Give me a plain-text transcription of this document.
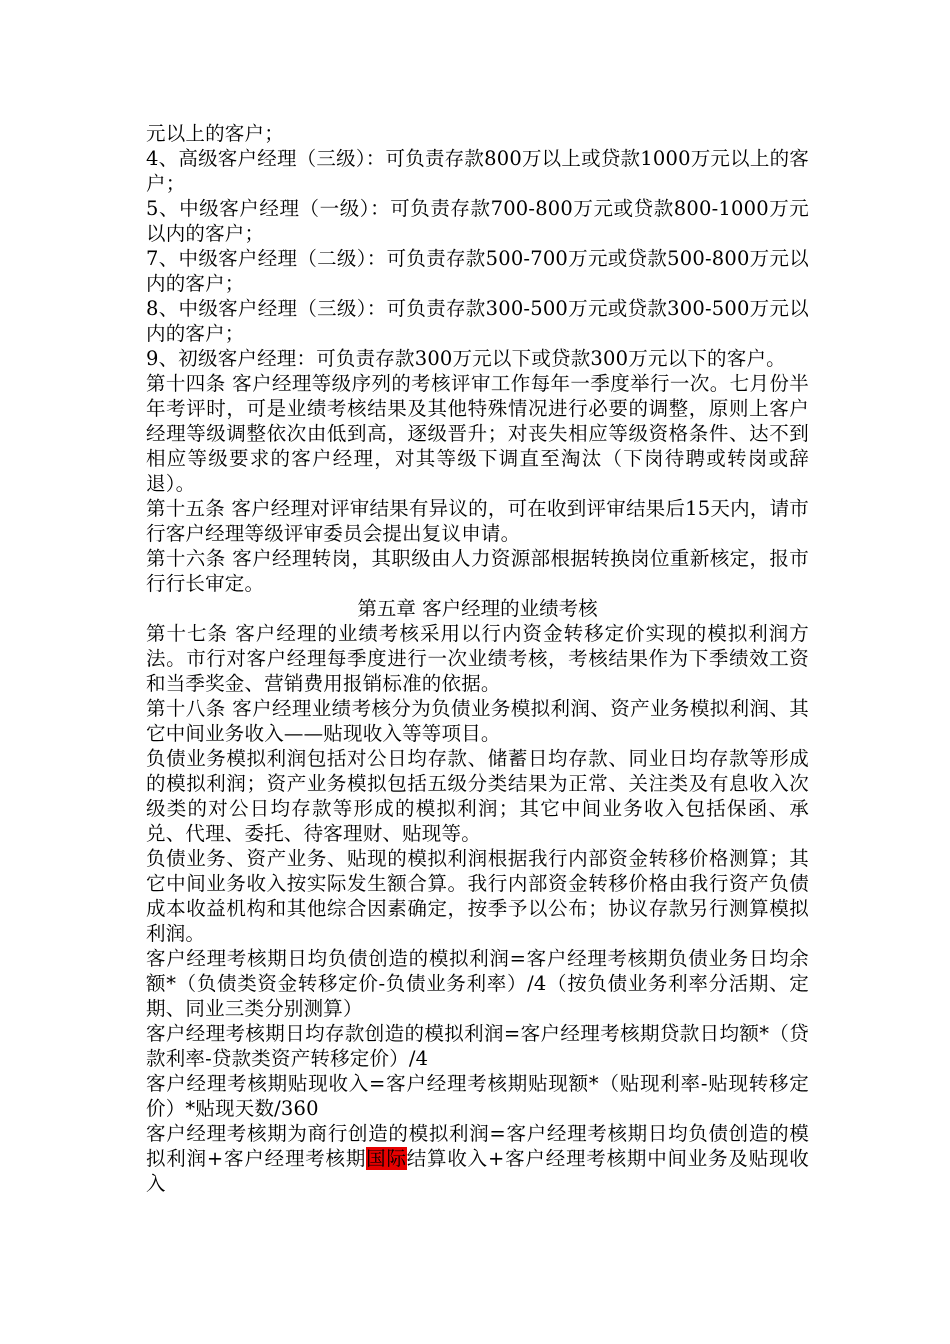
元以上的客户；

4、高级客户经理（三级）：可负责存款800万以上或贷款1000万元以上的客户；

5、中级客户经理（一级）：可负责存款700-800万元或贷款800-1000万元以内的客户；

7、中级客户经理（二级）：可负责存款500-700万元或贷款500-800万元以内的客户；

8、中级客户经理（三级）：可负责存款300-500万元或贷款300-500万元以内的客户；

9、初级客户经理：可负责存款300万元以下或贷款300万元以下的客户。

第十四条 客户经理等级序列的考核评审工作每年一季度举行一次。七月份半年考评时，可是业绩考核结果及其他特殊情况进行必要的调整，原则上客户经理等级调整依次由低到高，逐级晋升；对丧失相应等级资格条件、达不到相应等级要求的客户经理，对其等级下调直至淘汰（下岗待聘或转岗或辞退）。

第十五条 客户经理对评审结果有异议的，可在收到评审结果后15天内，请市行客户经理等级评审委员会提出复议申请。

第十六条 客户经理转岗，其职级由人力资源部根据转换岗位重新核定，报市行行长审定。

第五章 客户经理的业绩考核

第十七条 客户经理的业绩考核采用以行内资金转移定价实现的模拟利润方法。市行对客户经理每季度进行一次业绩考核，考核结果作为下季绩效工资和当季奖金、营销费用报销标准的依据。

第十八条 客户经理业绩考核分为负债业务模拟利润、资产业务模拟利润、其它中间业务收入——贴现收入等等项目。

负债业务模拟利润包括对公日均存款、储蓄日均存款、同业日均存款等形成的模拟利润；资产业务模拟包括五级分类结果为正常、关注类及有息收入次级类的对公日均存款等形成的模拟利润；其它中间业务收入包括保函、承兑、代理、委托、待客理财、贴现等。

负债业务、资产业务、贴现的模拟利润根据我行内部资金转移价格测算；其它中间业务收入按实际发生额合算。我行内部资金转移价格由我行资产负债成本收益机构和其他综合因素确定，按季予以公布；协议存款另行测算模拟利润。

客户经理考核期日均负债创造的模拟利润=客户经理考核期负债业务日均余额*（负债类资金转移定价-负债业务利率）/4（按负债业务利率分活期、定期、同业三类分别测算）

客户经理考核期日均存款创造的模拟利润=客户经理考核期贷款日均额*（贷款利率-贷款类资产转移定价）/4

客户经理考核期贴现收入=客户经理考核期贴现额*（贴现利率-贴现转移定价）*贴现天数/360

客户经理考核期为商行创造的模拟利润=客户经理考核期日均负债创造的模拟利润+客户经理考核期国际结算收入+客户经理考核期中间业务及贴现收入
